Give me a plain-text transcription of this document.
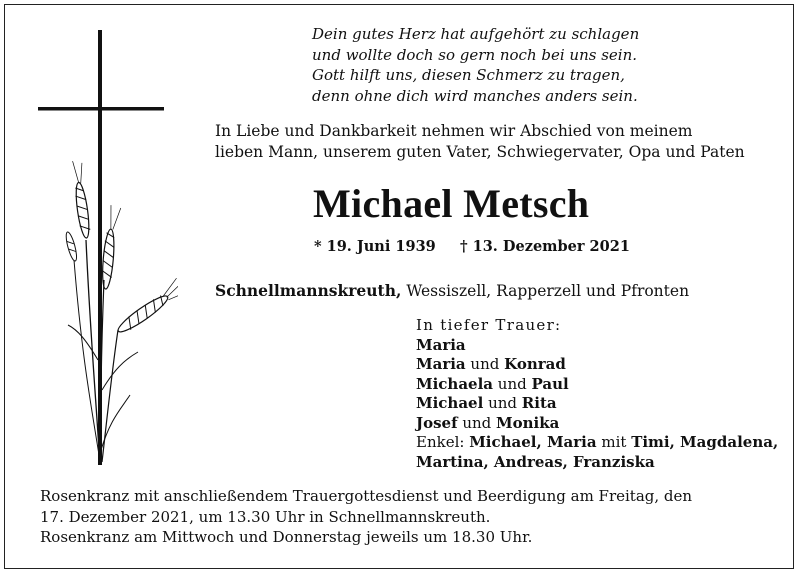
Dein gutes Herz hat aufgehört zu schlagen
und wollte doch so gern noch bei uns sein.
Gott hilft uns, diesen Schmerz zu tragen,
denn ohne dich wird manches anders sein.
In Liebe und Dankbarkeit nehmen wir Abschied von meinem
lieben Mann, unserem guten Vater, Schwiegervater, Opa und Paten
Michael Metsch
* 19. Juni 1939 † 13. Dezember 2021
Schnellmannskreuth, Wessiszell, Rapperzell und Pfronten
In tiefer Trauer:
Maria
Maria und Konrad
Michaela und Paul
Michael und Rita
Josef und Monika
Enkel: Michael, Maria mit Timi, Magdalena,
Martina, Andreas, Franziska
Rosenkranz mit anschließendem Trauergottesdienst und Beerdigung am Freitag, den
17. Dezember 2021, um 13.30 Uhr in Schnellmannskreuth.
Rosenkranz am Mittwoch und Donnerstag jeweils um 18.30 Uhr.
